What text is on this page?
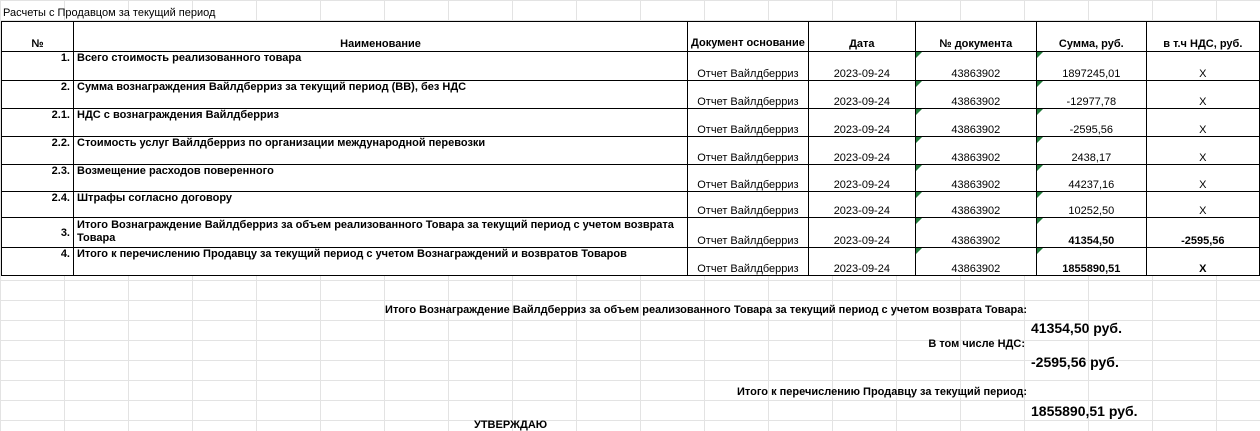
Расчеты с Продавцом за текущий период
№	Наименование	Документ основание	Дата	№ документа	Сумма, руб.	в т.ч НДС, руб.
1.	Всего стоимость реализованного товара	Отчет Вайлдберриз	2023-09-24	43863902	1897245,01	X
2.	Сумма вознаграждения Вайлдберриз за текущий период (ВВ), без НДС	Отчет Вайлдберриз	2023-09-24	43863902	-12977,78	X
2.1.	НДС с вознаграждения Вайлдберриз	Отчет Вайлдберриз	2023-09-24	43863902	-2595,56	X
2.2.	Стоимость услуг Вайлдберриз по организации международной перевозки	Отчет Вайлдберриз	2023-09-24	43863902	2438,17	X
2.3.	Возмещение расходов поверенного	Отчет Вайлдберриз	2023-09-24	43863902	44237,16	X
2.4.	Штрафы согласно договору	Отчет Вайлдберриз	2023-09-24	43863902	10252,50	X
3.	Итого Вознаграждение Вайлдберриз за объем реализованного Товара за текущий период с учетом возврата Товара	Отчет Вайлдберриз	2023-09-24	43863902	41354,50	-2595,56
4.	Итого к перечислению Продавцу за текущий период с учетом Вознаграждений и возвратов Товаров	Отчет Вайлдберриз	2023-09-24	43863902	1855890,51	X
Итого Вознаграждение Вайлдберриз за объем реализованного Товара за текущий период с учетом возврата Товара:
41354,50 руб.
В том числе НДС:
-2595,56 руб.
Итого к перечислению Продавцу за текущий период:
1855890,51 руб.
УТВЕРЖДАЮ
